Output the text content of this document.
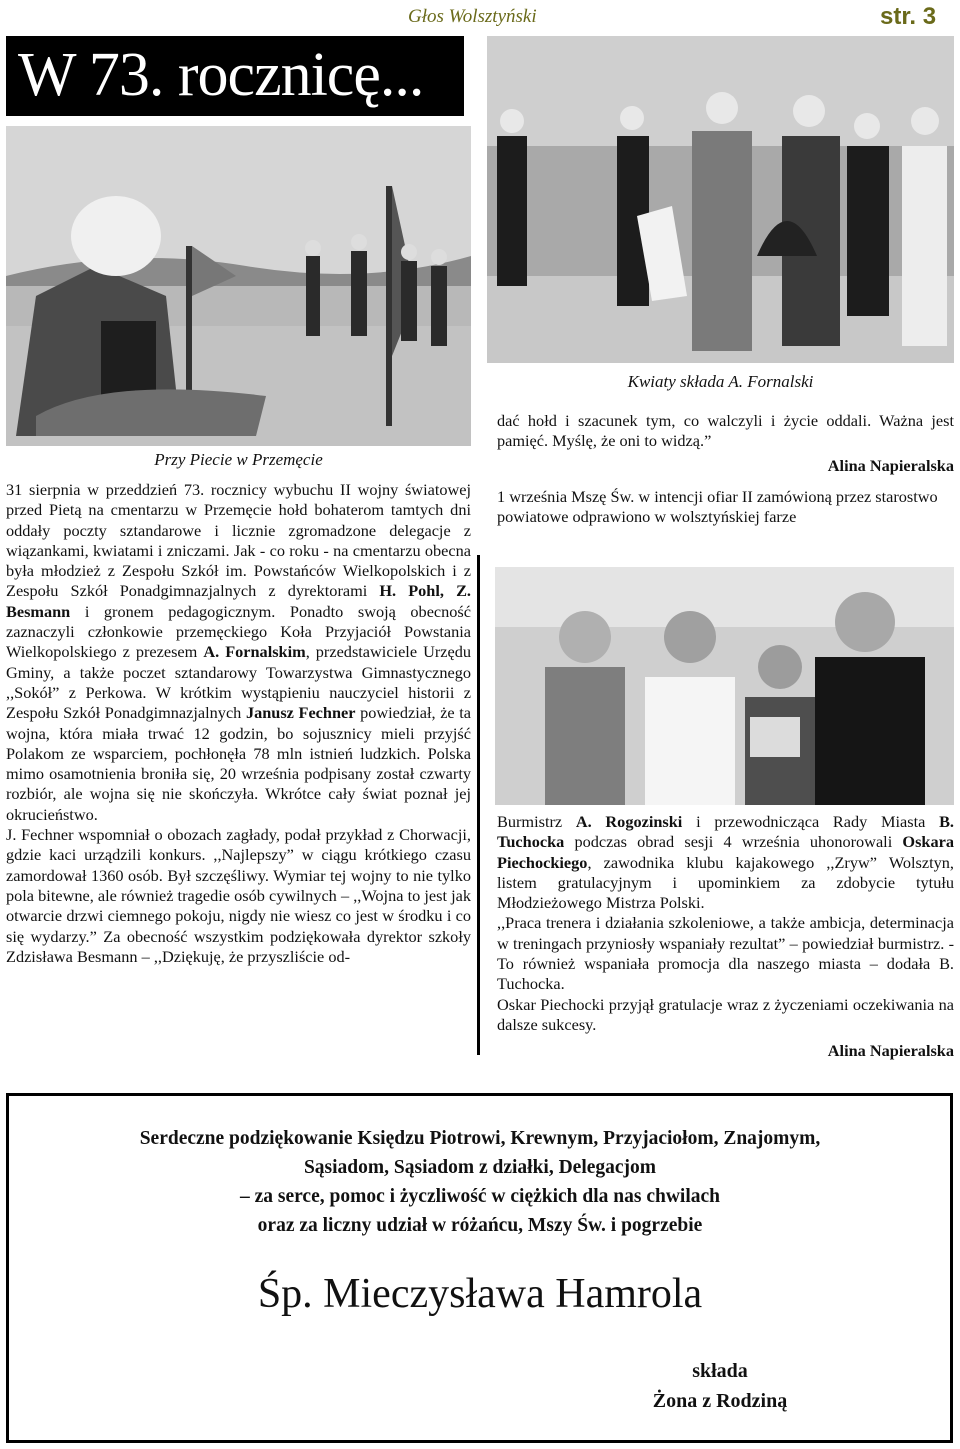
Głos Wolsztyński	str. 3
W 73. rocznicę...
Przy Piecie w Przemęcie
Kwiaty składa A. Fornalski

31 sierpnia w przeddzień 73. rocznicy wybuchu II wojny światowej przed Pietą na cmentarzu w Przemęcie hołd bohaterom tamtych dni oddały poczty sztandarowe i licznie zgromadzone delegacje z wiązankami, kwiatami i zniczami. Jak - co roku - na cmentarzu obecna była młodzież z Zespołu Szkół im. Powstańców Wielkopolskich i z Zespołu Szkół Ponadgimnazjalnych z dyrektorami H. Pohl, Z. Besmann i gronem pedagogicznym. Ponadto swoją obecność zaznaczyli członkowie przemęckiego Koła Przyjaciół Powstania Wielkopolskiego z prezesem A. Fornalskim, przedstawiciele Urzędu Gminy, a także poczet sztandarowy Towarzystwa Gimnastycznego ,,Sokół” z Perkowa. W krótkim wystąpieniu nauczyciel historii z Zespołu Szkół Ponadgimnazjalnych Janusz Fechner powiedział, że ta wojna, która miała trwać 12 godzin, bo sojusznicy mieli przyjść Polakom ze wsparciem, pochłonęła 78 mln istnień ludzkich. Polska mimo osamotnienia broniła się, 20 września podpisany został czwarty rozbiór, ale wojna się nie skończyła. Wkrótce cały świat poznał jej okrucieństwo.

J. Fechner wspomniał o obozach zagłady, podał przykład z Chorwacji, gdzie kaci urządzili konkurs. ,,Najlepszy” w ciągu krótkiego czasu zamordował 1360 osób. Był szczęśliwy. Wymiar tej wojny to nie tylko pola bitewne, ale również tragedie osób cywilnych – ,,Wojna to jest jak otwarcie drzwi ciemnego pokoju, nigdy nie wiesz co jest w środku i co się wydarzy.” Za obecność wszystkim podziękowała dyrektor szkoły Zdzisława Besmann – ,,Dziękuję, że przyszliście od-

dać hołd i szacunek tym, co walczyli i życie oddali. Ważna jest pamięć. Myślę, że oni to widzą.”

Alina Napieralska

1 września Mszę Św. w intencji ofiar II zamówioną przez starostwo powiatowe odprawiono w wolsztyńskiej farze

Burmistrz A. Rogozinski i przewodnicząca Rady Miasta B. Tuchocka podczas obrad sesji 4 września uhonorowali Oskara Piechockiego, zawodnika klubu kajakowego ,,Zryw” Wolsztyn, listem gratulacyjnym i upominkiem za zdobycie tytułu Młodzieżowego Mistrza Polski.

,,Praca trenera i działania szkoleniowe, a także ambicja, determinacja w treningach przyniosły wspaniały rezultat” – powiedział burmistrz. - To również wspaniała promocja dla naszego miasta – dodała B. Tuchocka.

Oskar Piechocki przyjął gratulacje wraz z życzeniami oczekiwania na dalsze sukcesy.

Alina Napieralska
Serdeczne podziękowanie Księdzu Piotrowi, Krewnym, Przyjaciołom, Znajomym,
Sąsiadom, Sąsiadom z działki, Delegacjom
– za serce, pomoc i życzliwość w ciężkich dla nas chwilach
oraz za liczny udział w różańcu, Mszy Św. i pogrzebie
Śp. Mieczysława Hamrola
składa
Żona z Rodziną
